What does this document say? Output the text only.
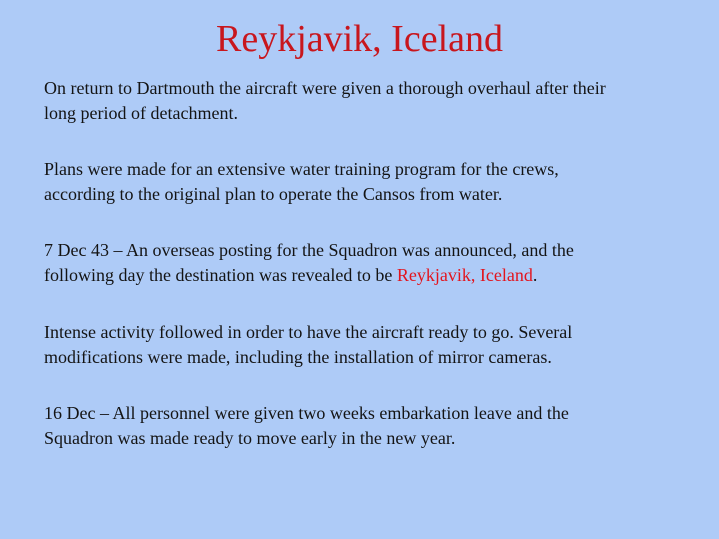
Reykjavik, Iceland

On return to Dartmouth the aircraft were given a thorough overhaul after their
long period of detachment.

Plans were made for an extensive water training program for the crews,
according to the original plan to operate the Cansos from water.

7 Dec 43 – An overseas posting for the Squadron was announced, and the
following day the destination was revealed to be Reykjavik, Iceland.

Intense activity followed in order to have the aircraft ready to go. Several
modifications were made, including the installation of mirror cameras.

16 Dec – All personnel were given two weeks embarkation leave and the
Squadron was made ready to move early in the new year.
